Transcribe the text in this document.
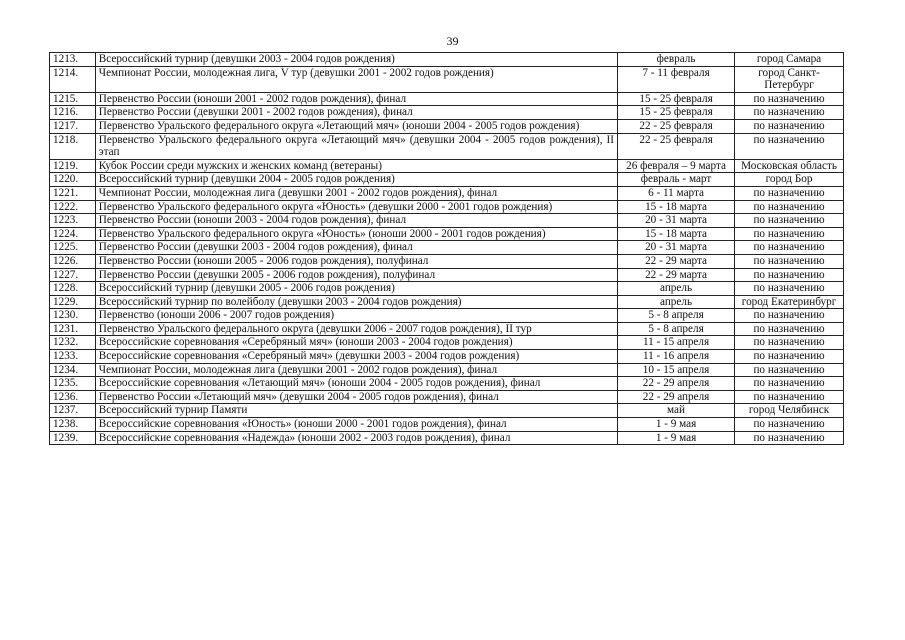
39
1213.	Всероссийский турнир (девушки 2003 - 2004 годов рождения)	февраль	город Самара
1214.	Чемпионат России, молодежная лига, V тур (девушки 2001 - 2002 годов рождения)	7 - 11 февраля	город Санкт-Петербург
1215.	Первенство России (юноши 2001 - 2002 годов рождения), финал	15 - 25 февраля	по назначению
1216.	Первенство России (девушки 2001 - 2002 годов рождения), финал	15 - 25 февраля	по назначению
1217.	Первенство Уральского федерального округа «Летающий мяч» (юноши 2004 - 2005 годов рождения)	22 - 25 февраля	по назначению
1218.	Первенство Уральского федерального округа «Летающий мяч» (девушки 2004 - 2005 годов рождения), II этап	22 - 25 февраля	по назначению
1219.	Кубок России среди мужских и женских команд (ветераны)	26 февраля – 9 марта	Московская область
1220.	Всероссийский турнир (девушки 2004 - 2005 годов рождения)	февраль - март	город Бор
1221.	Чемпионат России, молодежная лига (девушки 2001 - 2002 годов рождения), финал	6 - 11 марта	по назначению
1222.	Первенство Уральского федерального округа «Юность» (девушки 2000 - 2001 годов рождения)	15 - 18 марта	по назначению
1223.	Первенство России (юноши 2003 - 2004 годов рождения), финал	20 - 31 марта	по назначению
1224.	Первенство Уральского федерального округа «Юность» (юноши 2000 - 2001 годов рождения)	15 - 18 марта	по назначению
1225.	Первенство России (девушки 2003 - 2004 годов рождения), финал	20 - 31 марта	по назначению
1226.	Первенство России (юноши 2005 - 2006 годов рождения), полуфинал	22 - 29 марта	по назначению
1227.	Первенство России (девушки 2005 - 2006 годов рождения), полуфинал	22 - 29 марта	по назначению
1228.	Всероссийский турнир (девушки 2005 - 2006 годов рождения)	апрель	по назначению
1229.	Всероссийский турнир по волейболу (девушки 2003 - 2004 годов рождения)	апрель	город Екатеринбург
1230.	Первенство (юноши 2006 - 2007 годов рождения)	5 - 8 апреля	по назначению
1231.	Первенство Уральского федерального округа (девушки 2006 - 2007 годов рождения), II тур	5 - 8 апреля	по назначению
1232.	Всероссийские соревнования «Серебряный мяч» (юноши 2003 - 2004 годов рождения)	11 - 15 апреля	по назначению
1233.	Всероссийские соревнования «Серебряный мяч» (девушки 2003 - 2004 годов рождения)	11 - 16 апреля	по назначению
1234.	Чемпионат России, молодежная лига (девушки 2001 - 2002 годов рождения), финал	10 - 15 апреля	по назначению
1235.	Всероссийские соревнования «Летающий мяч» (юноши 2004 - 2005 годов рождения), финал	22 - 29 апреля	по назначению
1236.	Первенство России «Летающий мяч» (девушки 2004 - 2005 годов рождения), финал	22 - 29 апреля	по назначению
1237.	Всероссийский турнир Памяти	май	город Челябинск
1238.	Всероссийские соревнования «Юность» (юноши 2000 - 2001 годов рождения), финал	1 - 9 мая	по назначению
1239.	Всероссийские соревнования «Надежда» (юноши 2002 - 2003 годов рождения), финал	1 - 9 мая	по назначению
